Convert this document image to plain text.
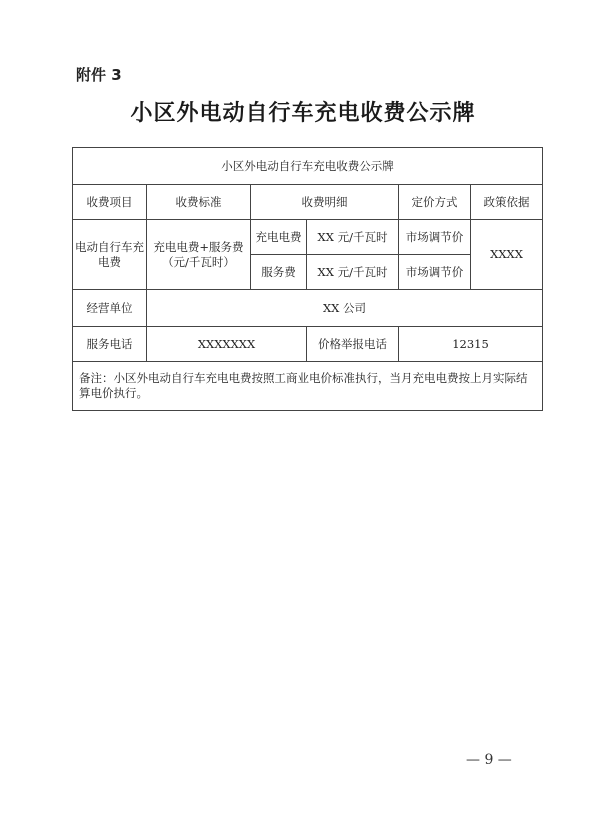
附件 3
小区外电动自行车充电收费公示牌
小区外电动自行车充电收费公示牌					
收费项目	收费标准	收费明细		定价方式	政策依据
电动自行车充电费	充电电费+服务费（元/千瓦时）	充电电费	XX 元/千瓦时	市场调节价	XXXX
		服务费	XX 元/千瓦时	市场调节价	
经营单位	XX 公司				
服务电话	XXXXXXX		价格举报电话	12315	
备注：小区外电动自行车充电电费按照工商业电价标准执行，当月充电电费按上月实际结算电价执行。					
— 9 —
